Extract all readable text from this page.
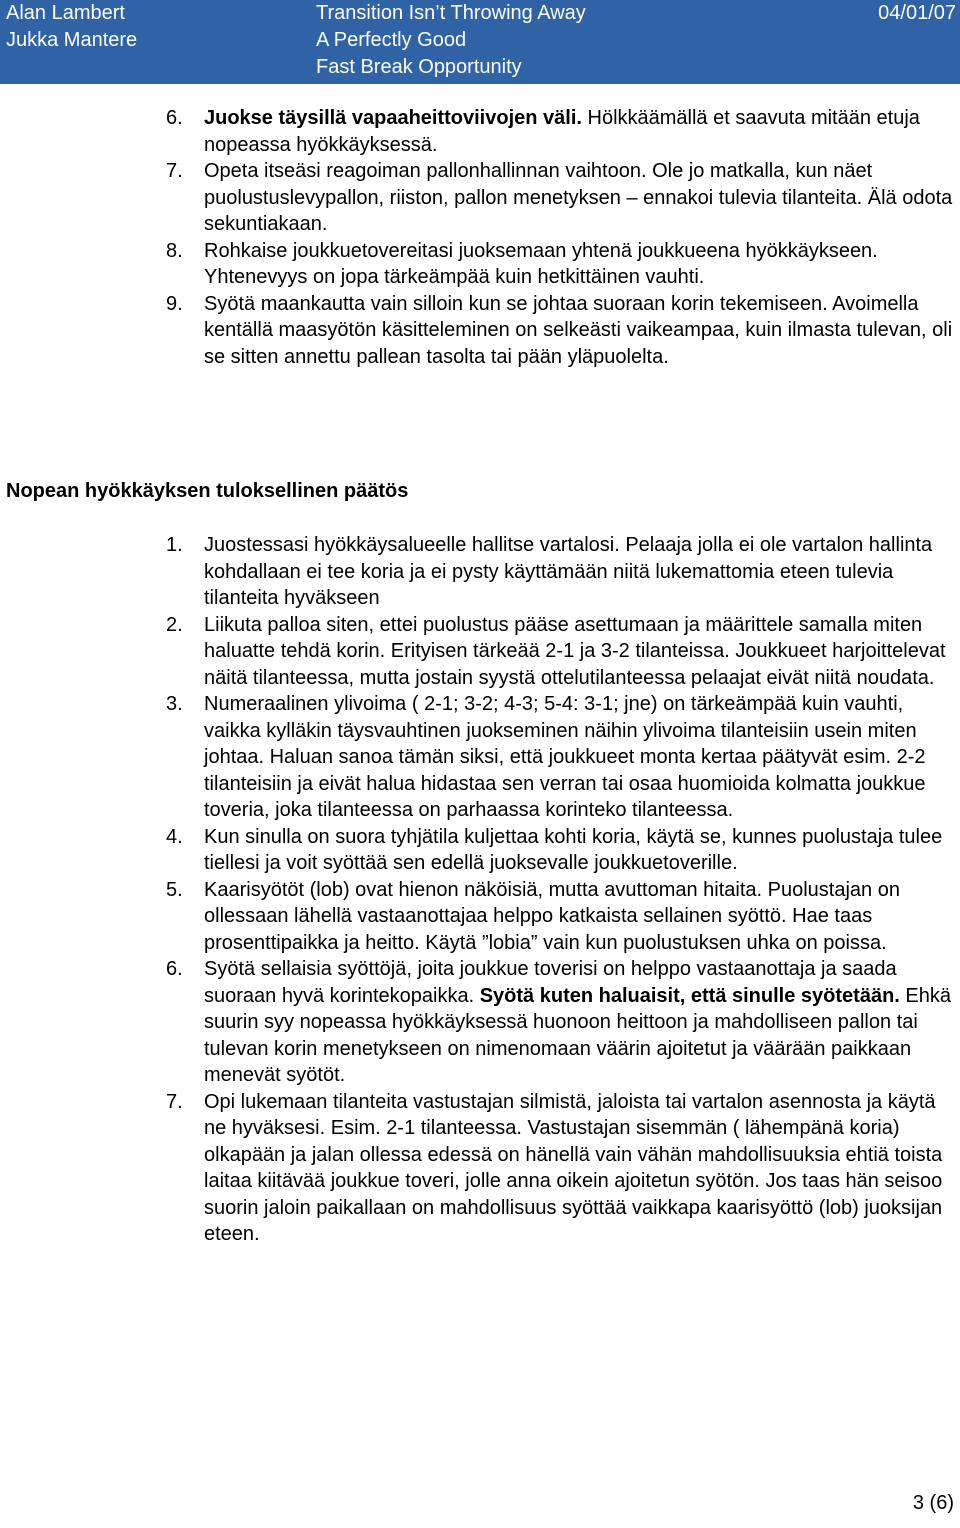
Alan Lambert
Jukka Mantere
Transition Isn’t Throwing Away
A Perfectly Good
Fast Break Opportunity
04/01/07
6.	Juokse täysillä vapaaheittoviivojen väli. Hölkkäämällä et saavuta mitään etuja nopeassa hyökkäyksessä.
7.	Opeta itseäsi reagoiman pallonhallinnan vaihtoon. Ole jo matkalla, kun näet puolustuslevypallon, riiston, pallon menetyksen – ennakoi tulevia tilanteita. Älä odota sekuntiakaan.
8.	Rohkaise joukkuetovereitasi juoksemaan yhtenä joukkueena hyökkäykseen. Yhtenevyys on jopa tärkeämpää kuin hetkittäinen vauhti.
9.	Syötä maankautta vain silloin kun se johtaa suoraan korin tekemiseen. Avoimella kentällä maasyötön käsitteleminen on selkeästi vaikeampaa, kuin ilmasta tulevan, oli se sitten annettu pallean tasolta tai pään yläpuolelta.
Nopean hyökkäyksen tuloksellinen päätös
1.	Juostessasi hyökkäysalueelle hallitse vartalosi. Pelaaja jolla ei ole vartalon hallinta kohdallaan ei tee koria ja ei pysty käyttämään niitä lukemattomia eteen tulevia tilanteita hyväkseen
2.	Liikuta palloa siten, ettei puolustus pääse asettumaan ja määrittele samalla miten haluatte tehdä korin. Erityisen tärkeää 2-1 ja 3-2 tilanteissa. Joukkueet harjoittelevat näitä tilanteessa, mutta jostain syystä ottelutilanteessa pelaajat eivät niitä noudata.
3.	Numeraalinen ylivoima ( 2-1; 3-2; 4-3; 5-4: 3-1; jne) on tärkeämpää kuin vauhti, vaikka kylläkin täysvauhtinen juokseminen näihin ylivoima tilanteisiin usein miten johtaa. Haluan sanoa tämän siksi, että joukkueet monta kertaa päätyvät esim. 2-2 tilanteisiin ja eivät halua hidastaa sen verran tai osaa huomioida kolmatta joukkue toveria, joka tilanteessa on parhaassa korinteko tilanteessa.
4.	Kun sinulla on suora tyhjätila kuljettaa kohti koria, käytä se, kunnes puolustaja tulee tiellesi ja voit syöttää sen edellä juoksevalle joukkuetoverille.
5.	Kaarisyötöt (lob) ovat hienon näköisiä, mutta avuttoman hitaita. Puolustajan on ollessaan lähellä vastaanottajaa helppo katkaista sellainen syöttö. Hae taas prosenttipaikka ja heitto. Käytä ”lobia” vain kun puolustuksen uhka on poissa.
6.	Syötä sellaisia syöttöjä, joita joukkue toverisi on helppo vastaanottaja ja saada suoraan hyvä korintekopaikka. Syötä kuten haluaisit, että sinulle syötetään. Ehkä suurin syy nopeassa hyökkäyksessä huonoon heittoon ja mahdolliseen pallon tai tulevan korin menetykseen on nimenomaan väärin ajoitetut ja väärään paikkaan menevät syötöt.
7.	Opi lukemaan tilanteita vastustajan silmistä, jaloista tai vartalon asennosta ja käytä ne hyväksesi. Esim. 2-1 tilanteessa. Vastustajan sisemmän ( lähempänä koria) olkapään ja jalan ollessa edessä on hänellä vain vähän mahdollisuuksia ehtiä toista laitaa kiitävää joukkue toveri, jolle anna oikein ajoitetun syötön. Jos taas hän seisoo suorin jaloin paikallaan on mahdollisuus syöttää vaikkapa kaarisyöttö (lob) juoksijan eteen.
3 (6)
